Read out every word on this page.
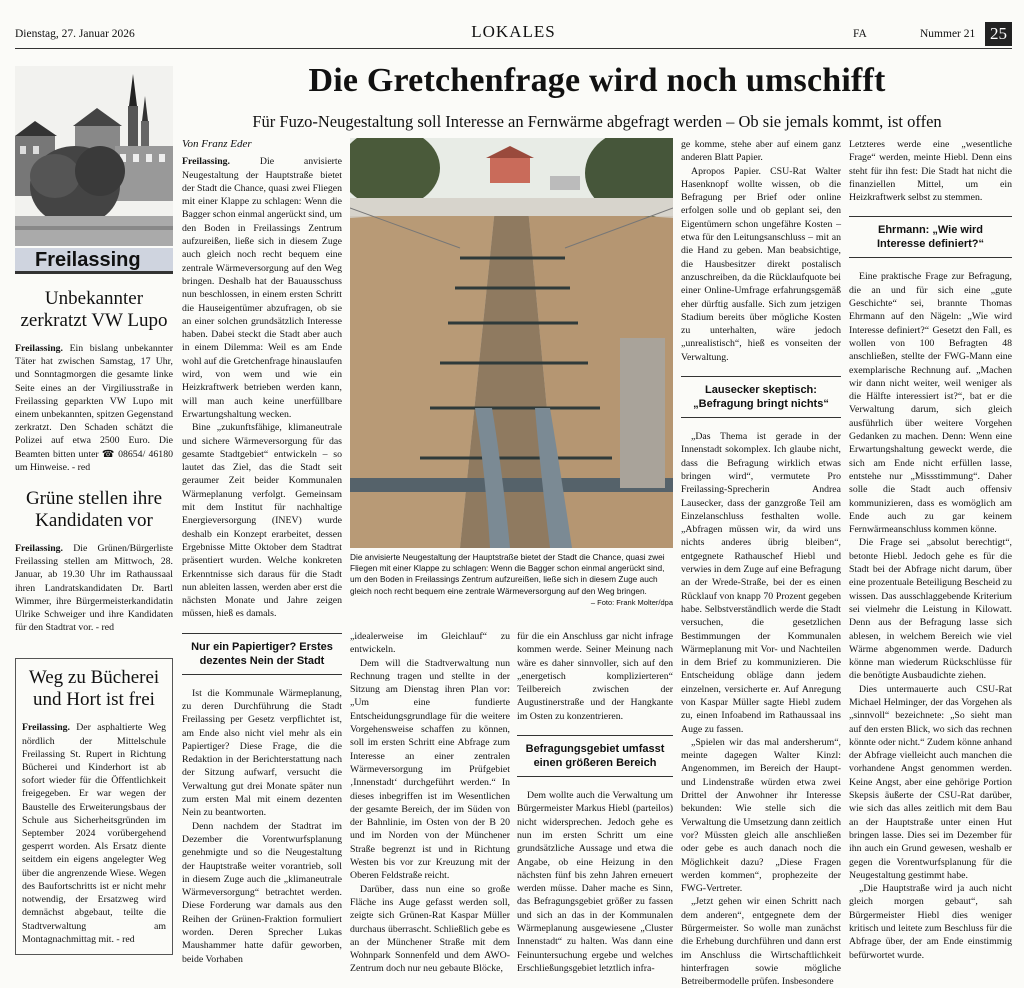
Dienstag, 27. Januar 2026	LOKALES	FA	Nummer 21 25
Freilassing
Unbekannter zerkratzt VW Lupo

Freilassing. Ein bislang unbekannter Täter hat zwischen Samstag, 17 Uhr, und Sonntagmorgen die gesamte linke Seite eines an der Virgiliusstraße in Freilassing geparkten VW Lupo mit einem unbekannten, spitzen Gegenstand zerkratzt. Den Schaden schätzt die Polizei auf etwa 2500 Euro. Die Beamten bitten unter ☎ 08654/ 46180 um Hinweise. - red

Grüne stellen ihre Kandidaten vor

Freilassing. Die Grünen/Bürgerliste Freilassing stellen am Mittwoch, 28. Januar, ab 19.30 Uhr im Rathaussaal ihren Landratskandidaten Dr. Bartl Wimmer, ihre Bürgermeisterkandidatin Ulrike Schweiger und ihre Kandidaten für den Stadtrat vor. - red

Weg zu Bücherei und Hort ist frei

Freilassing. Der asphaltierte Weg nördlich der Mittelschule Freilassing St. Rupert in Richtung Bücherei und Kinderhort ist ab sofort wieder für die Öffentlichkeit freigegeben. Er war wegen der Baustelle des Erweiterungsbaus der Schule aus Sicherheitsgründen im September 2024 vorübergehend gesperrt worden. Als Ersatz diente seitdem ein eigens angelegter Weg über die angrenzende Wiese. Wegen des Baufortschritts ist er nicht mehr notwendig, der Ersatzweg wird demnächst abgebaut, teilte die Stadtverwaltung am Montagnachmittag mit. - red

Die Gretchenfrage wird noch umschifft
Für Fuzo-Neugestaltung soll Interesse an Fernwärme abgefragt werden – Ob sie jemals kommt, ist offen
Von Franz Eder

Freilassing.	Die anvisierte Neugestaltung der Hauptstraße bietet der Stadt die Chance, quasi zwei Fliegen mit einer Klappe zu schlagen: Wenn die Bagger schon einmal angerückt sind, um den Boden in Freilassings Zentrum aufzureißen, ließe sich in diesem Zuge auch gleich noch recht bequem eine zentrale Wärmeversorgung auf den Weg bringen. Deshalb hat der Bauausschuss nun beschlossen, in einem ersten Schritt die Hauseigentümer abzufragen, ob sie an einer solchen grundsätzlich Interesse haben. Dabei steckt die Stadt aber auch in einem Dilemma: Weil es am Ende wohl auf die Gretchenfrage hinauslaufen wird, von wem und wie ein Heizkraftwerk betrieben werden kann, will man auch keine unerfüllbare Erwartungshaltung wecken.

Bine „zukunftsfähige, klimaneutrale und sichere Wärmeversorgung für das gesamte Stadtgebiet“ entwickeln – so lautet das Ziel, das die Stadt seit geraumer Zeit beider Kommunalen Wärmeplanung verfolgt. Gemeinsam mit dem Institut für nachhaltige Energieversorgung (INEV) wurde deshalb ein Konzept erarbeitet, dessen Ergebnisse Mitte Oktober dem Stadtrat präsentiert wurden. Welche konkreten Erkenntnisse sich daraus für die Stadt nun ableiten lassen, werden aber erst die nächsten Monate und Jahre zeigen müssen, hieß es damals.

Nur ein Papiertiger? Erstes dezentes Nein der Stadt

Ist die Kommunale Wärmeplanung, zu deren Durchführung die Stadt Freilassing per Gesetz verpflichtet ist, am Ende also nicht viel mehr als ein Papiertiger? Diese Frage, die die Redaktion in der Berichterstattung nach der Sitzung aufwarf, versucht die Verwaltung gut drei Monate später nun zum ersten Mal mit einem dezenten Nein zu beantworten.

Denn nachdem der Stadtrat im Dezember die Vorentwurfsplanung genehmigte und so die Neugestaltung der Hauptstraße weiter vorantrieb, soll in diesem Zuge auch die „klimaneutrale Wärmeversorgung“ betrachtet werden. Diese Forderung war damals aus den Reihen der Grünen-Fraktion formuliert worden. Deren Sprecher Lukas Maushammer hatte dafür geworben, beide Vorhaben

Die anvisierte Neugestaltung der Hauptstraße bietet der Stadt die Chance, quasi zwei Fliegen mit einer Klappe zu schlagen: Wenn die Bagger schon einmal angerückt sind, um den Boden in Freilassings Zentrum aufzureißen, ließe sich in diesem Zuge auch gleich noch recht bequem eine zentrale Wärmeversorgung auf den Weg bringen.
– Foto: Frank Molter/dpa

„idealerweise im Gleichlauf“ zu entwickeln.

Dem will die Stadtverwaltung nun Rechnung tragen und stellte in der Sitzung am Dienstag ihren Plan vor: „Um eine fundierte Entscheidungsgrundlage für die weitere Vorgehensweise schaffen zu können, soll im ersten Schritt eine Abfrage zum Interesse an einer zentralen Wärmeversorgung im Prüfgebiet ‚Innenstadt‘ durchgeführt werden.“ In dieses inbegriffen ist im Wesentlichen der gesamte Bereich, der im Süden von der Bahnlinie, im Osten von der B 20 und im Norden von der Münchener Straße begrenzt ist und in Richtung Westen bis vor zur Kreuzung mit der Oberen Feldstraße reicht.

Darüber, dass nun eine so große Fläche ins Auge gefasst werden soll, zeigte sich Grünen-Rat Kaspar Müller durchaus überrascht. Schließlich gebe es an der Münchener Straße mit dem Wohnpark Sonnenfeld und dem AWO-Zentrum doch nur neu gebaute Blöcke,

für die ein Anschluss gar nicht infrage kommen werde. Seiner Meinung nach wäre es daher sinnvoller, sich auf den „energetisch komplizierteren“ Teilbereich zwischen der Augustinerstraße und der Hangkante im Osten zu konzentrieren.

Befragungsgebiet umfasst einen größeren Bereich

Dem wollte auch die Verwaltung um Bürgermeister Markus Hiebl (parteilos) nicht widersprechen. Jedoch gehe es nun im ersten Schritt um eine grundsätzliche Aussage und etwa die Angabe, ob eine Heizung in den nächsten fünf bis zehn Jahren erneuert werden müsse. Daher mache es Sinn, das Befragungsgebiet größer zu fassen und sich an das in der Kommunalen Wärmeplanung ausgewiesene „Cluster Innenstadt“ zu halten. Was dann eine Feinuntersuchung ergebe und welches Erschließungsgebiet letztlich infra-

ge komme, stehe aber auf einem ganz anderen Blatt Papier.

Apropos Papier. CSU-Rat Walter Hasenknopf wollte wissen, ob die Befragung per Brief oder online erfolgen solle und ob geplant sei, den Eigentümern schon ungefähre Kosten – etwa für den Leitungsanschluss – mit an die Hand zu geben. Man beabsichtige, die Hausbesitzer direkt postalisch anzuschreiben, da die Rücklaufquote bei einer Online-Umfrage erfahrungsgemäß eher dürftig ausfalle. Sich zum jetzigen Stadium bereits über mögliche Kosten zu unterhalten, wäre jedoch „unrealistisch“, hieß es vonseiten der Verwaltung.

Lausecker skeptisch: „Befragung bringt nichts“

„Das Thema ist gerade in der Innenstadt sokomplex. Ich glaube nicht, dass die Befragung wirklich etwas bringen wird“, vermutete Pro Freilassing-Sprecherin Andrea Lausecker, dass der ganzgroße Teil am Einzelanschluss festhalten wolle. „Abfragen müssen wir, da wird uns nichts anderes übrig bleiben“, entgegnete Rathauschef Hiebl und verwies in dem Zuge auf eine Befragung an der Wrede-Straße, bei der es einen Rücklauf von knapp 70 Prozent gegeben habe. Selbstverständlich werde die Stadt versuchen, die gesetzlichen Bestimmungen der Kommunalen Wärmeplanung mit Vor- und Nachteilen in dem Brief zu kommunizieren. Die Entscheidung obläge dann jedem einzelnen, versicherte er. Auf Anregung von Kaspar Müller sagte Hiebl zudem zu, einen Infoabend im Rathaussaal ins Auge zu fassen.

„Spielen wir das mal andersherum“, meinte dagegen Walter Kinzl: Angenommen, im Bereich der Haupt- und Lindenstraße würden etwa zwei Drittel der Anwohner ihr Interesse bekunden: Wie stelle sich die Verwaltung die Umsetzung dann zeitlich vor? Müssten gleich alle anschließen oder gebe es auch danach noch die Möglichkeit dazu? „Diese Fragen werden kommen“, prophezeite der FWG-Vertreter.

„Jetzt gehen wir einen Schritt nach dem anderen“, entgegnete dem der Bürgermeister. So wolle man zunächst die Erhebung durchführen und dann erst im Anschluss die Wirtschaftlichkeit hinterfragen sowie mögliche Betreibermodelle prüfen. Insbesondere

Letzteres werde eine „wesentliche Frage“ werden, meinte Hiebl. Denn eins steht für ihn fest: Die Stadt hat nicht die finanziellen Mittel, um ein Heizkraftwerk selbst zu stemmen.

Ehrmann: „Wie wird Interesse definiert?“

Eine praktische Frage zur Befragung, die an und für sich eine „gute Geschichte“ sei, brannte Thomas Ehrmann auf den Nägeln: „Wie wird Interesse definiert?“ Gesetzt den Fall, es wollen von 100 Befragten 48 anschließen, stellte der FWG-Mann eine exemplarische Rechnung auf. „Machen wir dann nicht weiter, weil weniger als die Hälfte interessiert ist?“, bat er die Verwaltung darum, sich gleich ausführlich über weitere Vorgehen Gedanken zu machen. Denn: Wenn eine Erwartungshaltung geweckt werde, die sich am Ende nicht erfüllen lasse, entstehe nur „Missstimmung“. Daher solle die Stadt auch offensiv kommunizieren, dass es womöglich am Ende auch zu gar keinem Fernwärmeanschluss kommen könne.

Die Frage sei „absolut berechtigt“, betonte Hiebl. Jedoch gehe es für die Stadt bei der Abfrage nicht darum, über eine prozentuale Beteiligung Bescheid zu wissen. Das ausschlaggebende Kriterium sei vielmehr die Leistung in Kilowatt. Denn aus der Befragung lasse sich ablesen, in welchem Bereich wie viel Wärme abgenommen werde. Dadurch könne man wiederum Rückschlüsse für die benötigte Ausbaudichte ziehen.

Dies untermauerte auch CSU-Rat Michael Helminger, der das Vorgehen als „sinnvoll“ bezeichnete: „So sieht man auf den ersten Blick, wo sich das rechnen könnte oder nicht.“ Zudem könne anhand der Abfrage vielleicht auch manchen die vorhandene Angst genommen werden. Keine Angst, aber eine gehörige Portion Skepsis äußerte der CSU-Rat darüber, wie sich das alles zeitlich mit dem Bau an der Hauptstraße unter einen Hut bringen lasse. Dies sei im Dezember für ihn auch ein Grund gewesen, weshalb er gegen die Vorentwurfsplanung für die Neugestaltung gestimmt habe.

„Die Hauptstraße wird ja auch nicht gleich morgen gebaut“, sah Bürgermeister Hiebl dies weniger kritisch und leitete zum Beschluss für die Abfrage über, der am Ende einstimmig befürwortet wurde.
